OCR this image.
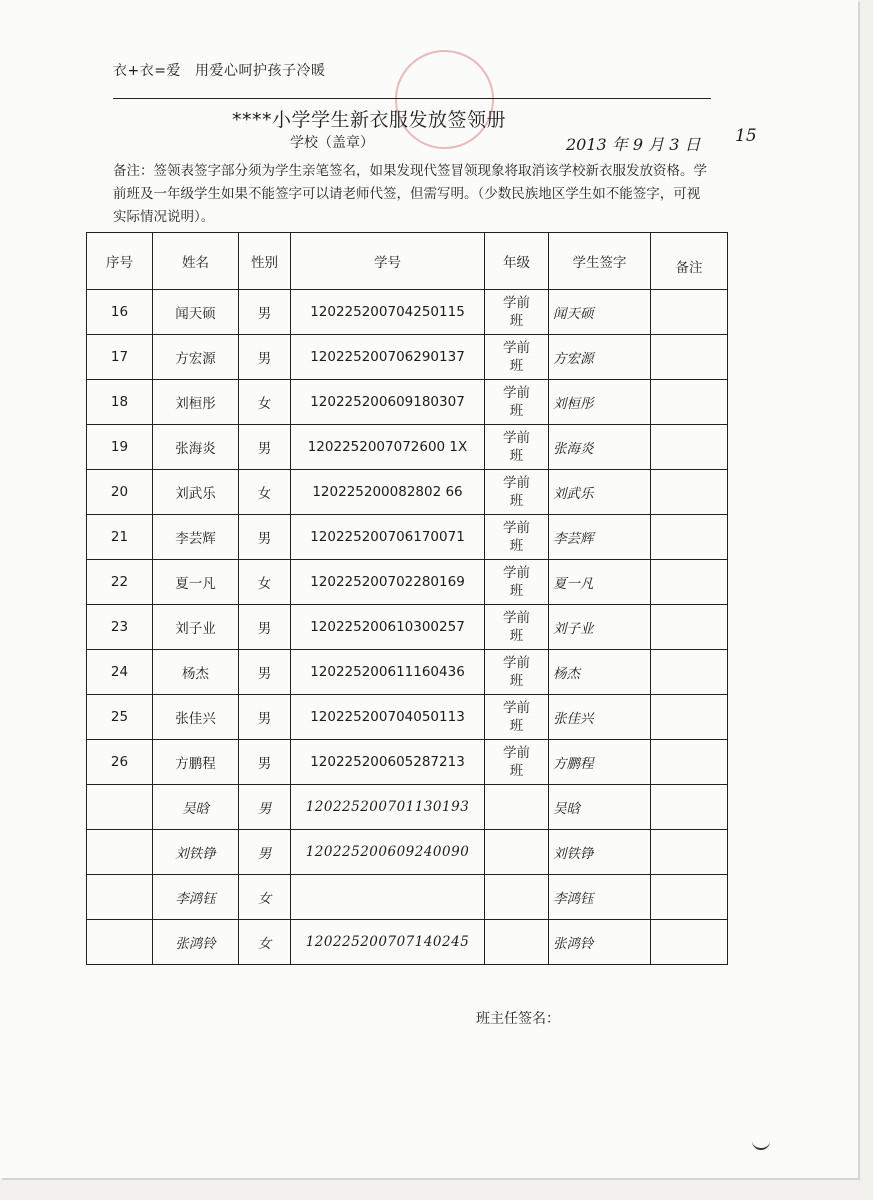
衣+衣=爱 用爱心呵护孩子冷暖
****小学学生新衣服发放签领册
学校（盖章）	2013 年 9 月 3 日 15
备注：签领表签字部分须为学生亲笔签名，如果发现代签冒领现象将取消该学校新衣服发放资格。学前班及一年级学生如果不能签字可以请老师代签，但需写明。（少数民族地区学生如不能签字，可视实际情况说明）。
序号	姓名	性别	学号	年级	学生签字	备注
16	闻天硕	男	120225200704250115	学前
班	闻天硕	
17	方宏源	男	120225200706290137	学前
班	方宏源	
18	刘桓彤	女	120225200609180307	学前
班	刘桓彤	
19	张海炎	男	1202252007072600 1X	学前
班	张海炎	
20	刘武乐	女	120225200082802 66	学前
班	刘武乐	
21	李芸辉	男	120225200706170071	学前
班	李芸辉	
22	夏一凡	女	120225200702280169	学前
班	夏一凡	
23	刘子业	男	120225200610300257	学前
班	刘子业	
24	杨杰	男	120225200611160436	学前
班	杨杰	
25	张佳兴	男	120225200704050113	学前
班	张佳兴	
26	方鹏程	男	120225200605287213	学前
班	方鹏程	
	吴晗	男	120225200701130193		吴晗	
	刘铁铮	男	120225200609240090		刘铁铮	
	李鸿钰	女			李鸿钰	
	张鸿铃	女	120225200707140245		张鸿铃	
班主任签名：
